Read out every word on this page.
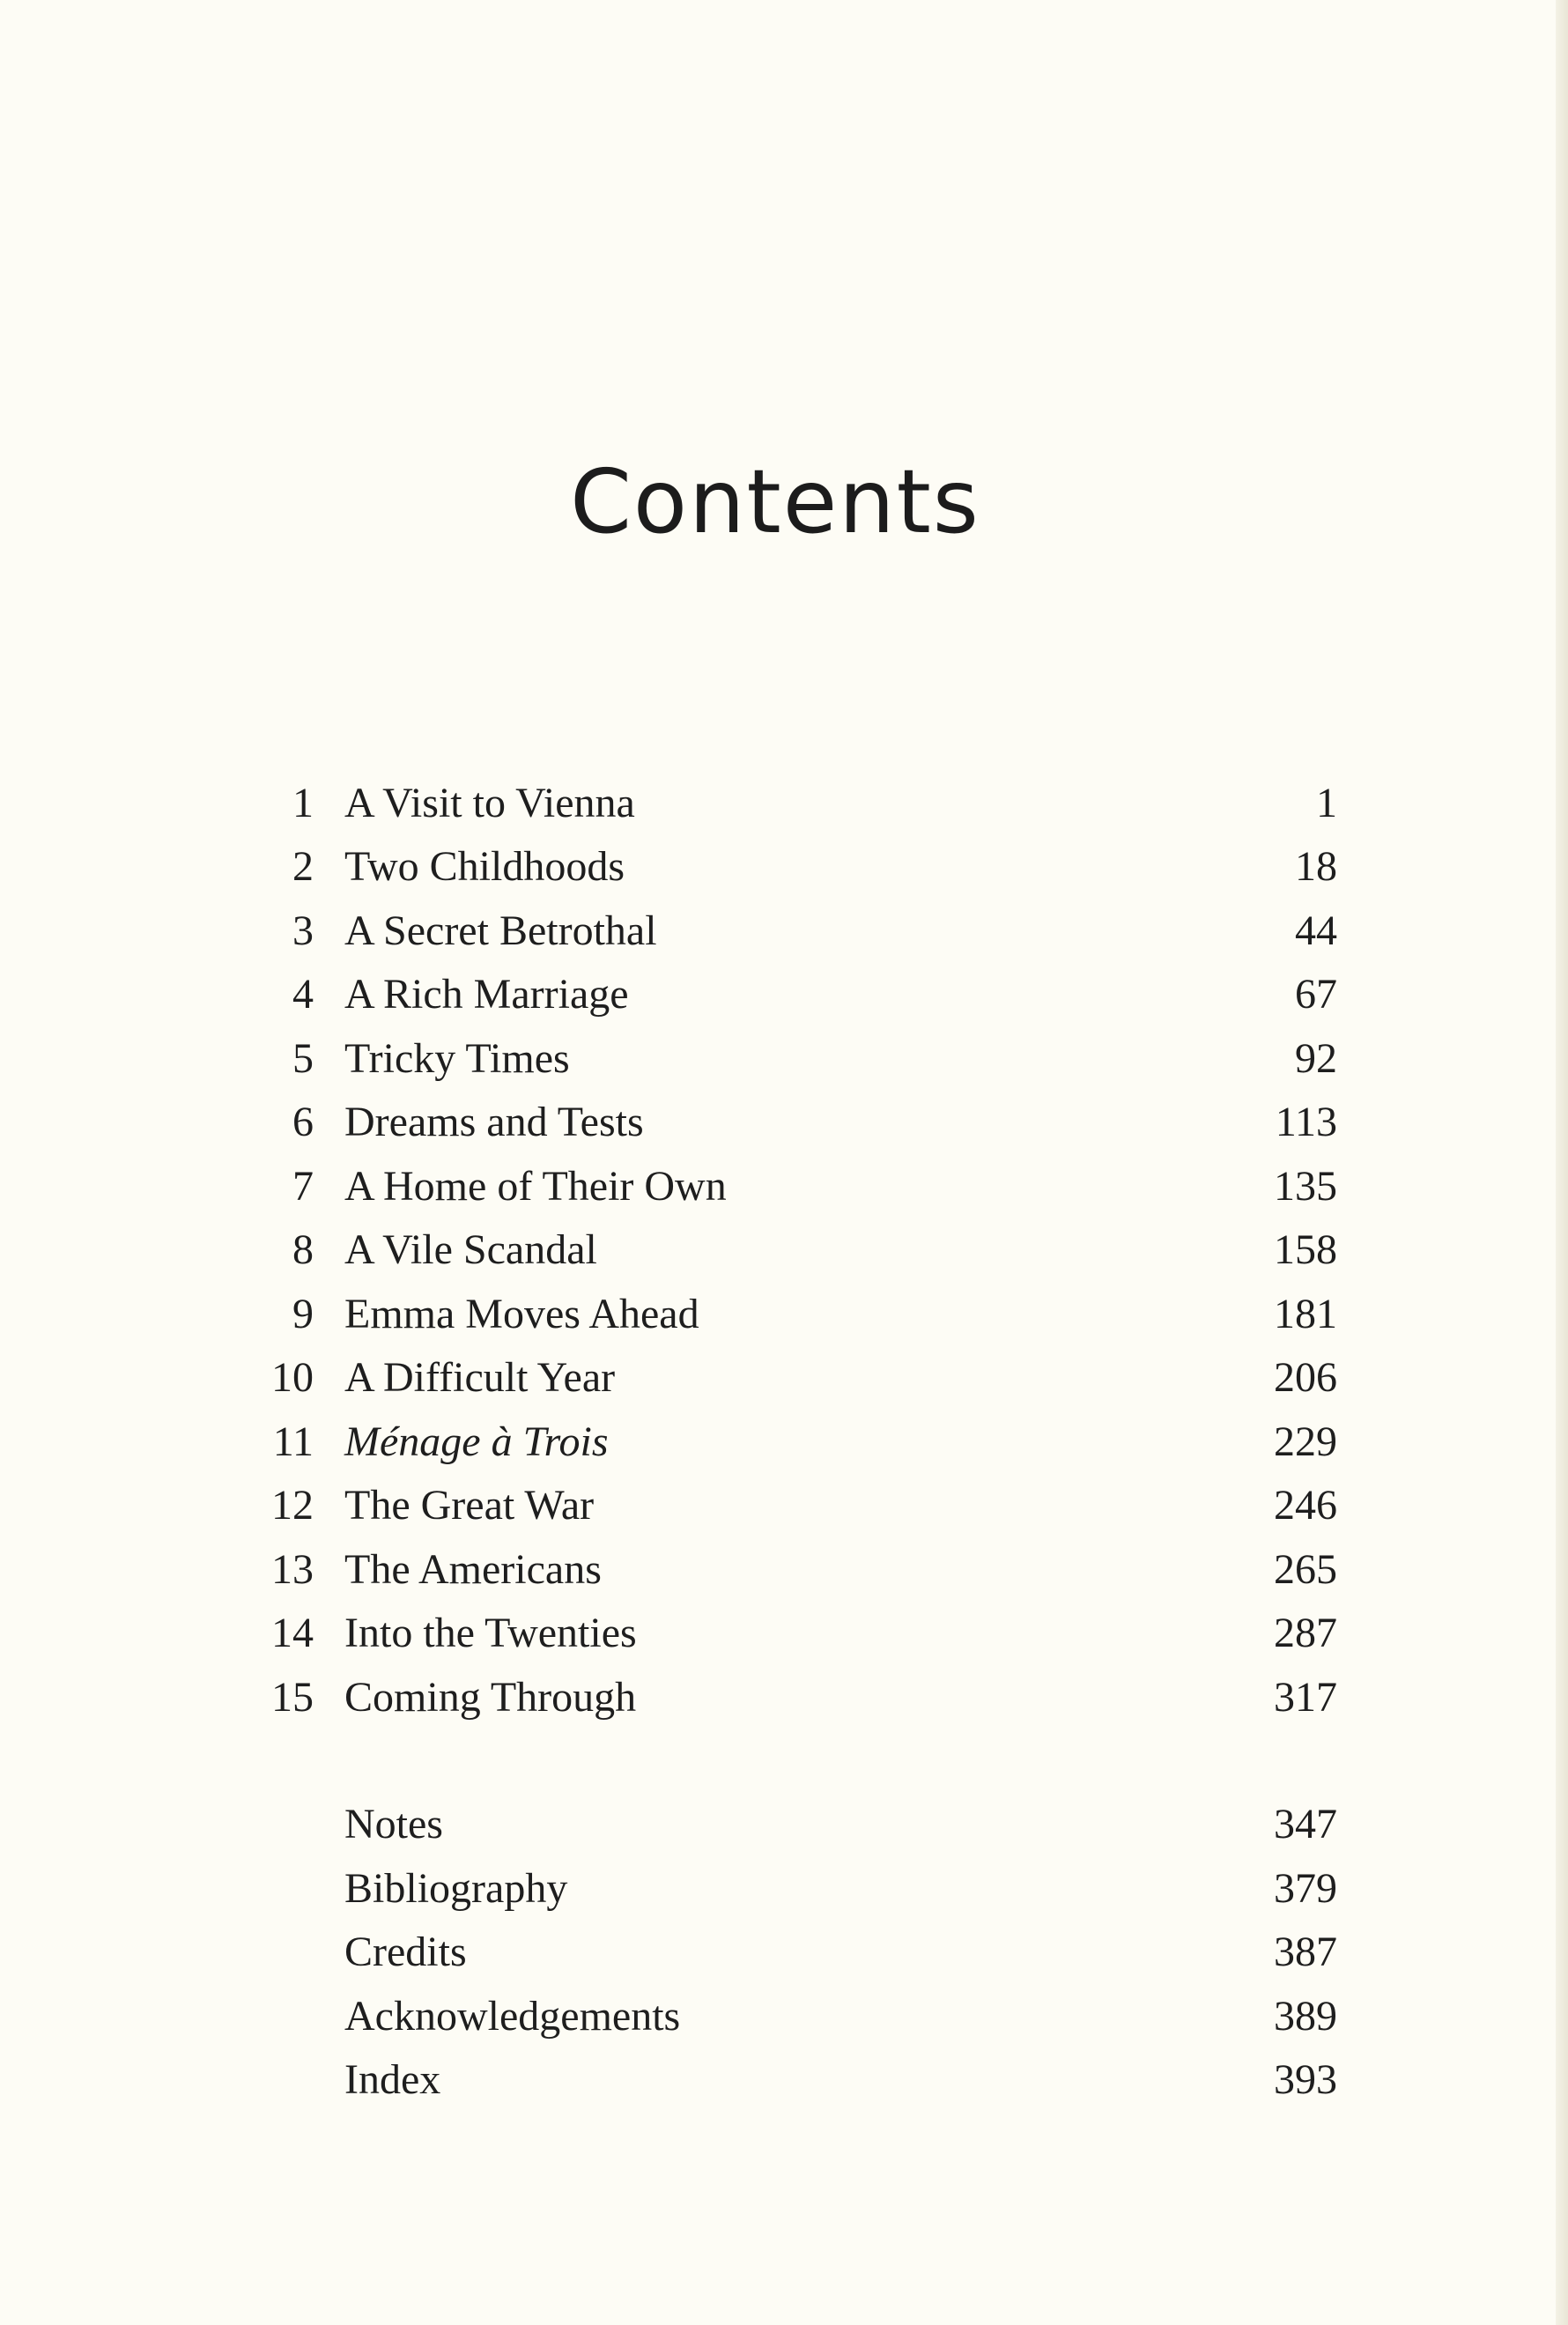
Contents
1 A Visit to Vienna	1
2 Two Childhoods	18
3 A Secret Betrothal	44
4 A Rich Marriage	67
5 Tricky Times	92
6 Dreams and Tests	113
7 A Home of Their Own	135
8 A Vile Scandal	158
9 Emma Moves Ahead	181
10 A Difficult Year	206
11 Ménage à Trois	229
12 The Great War	246
13 The Americans	265
14 Into the Twenties	287
15 Coming Through	317
Notes	347
Bibliography	379
Credits	387
Acknowledgements	389
Index	393
